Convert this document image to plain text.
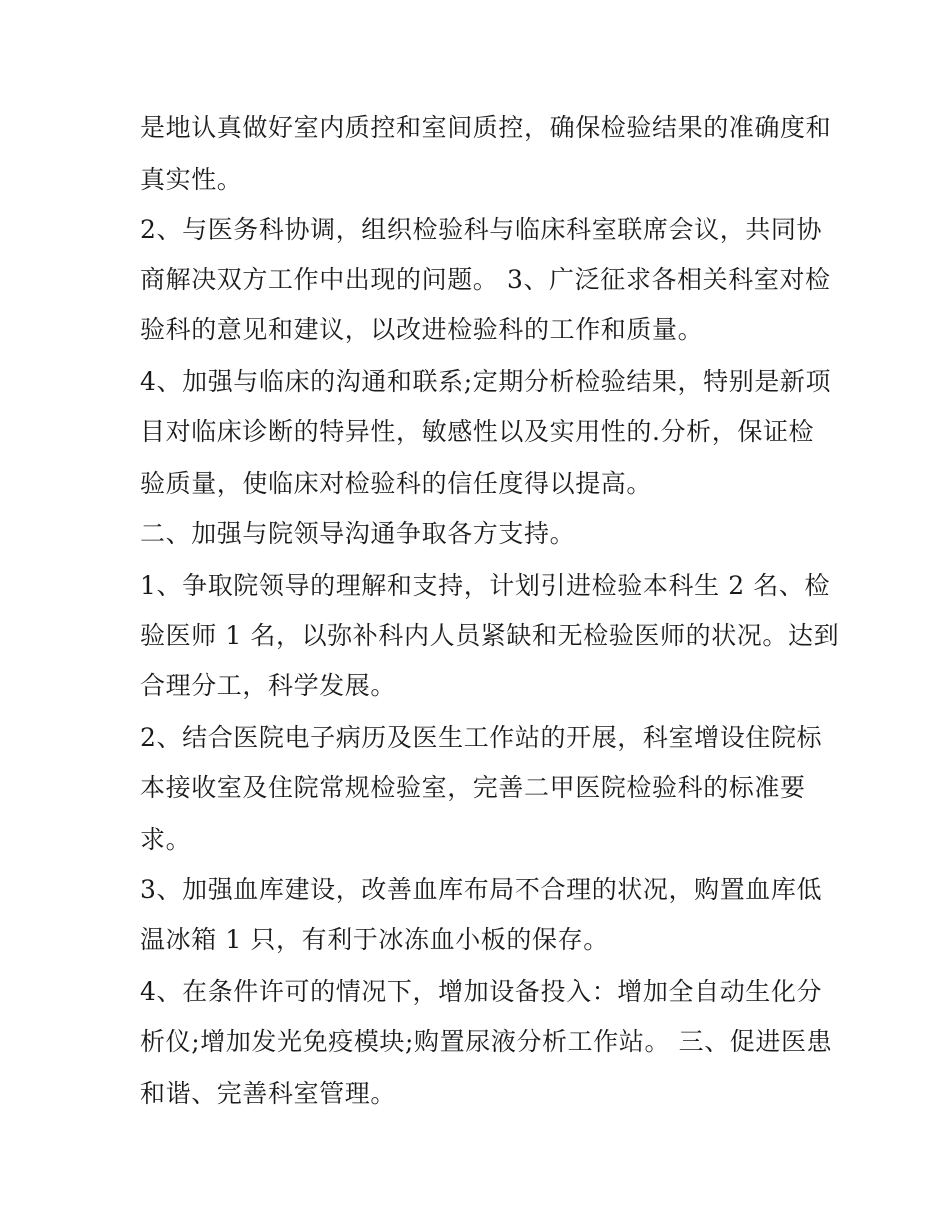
是地认真做好室内质控和室间质控，确保检验结果的准确度和
真实性。
2、与医务科协调，组织检验科与临床科室联席会议，共同协
商解决双方工作中出现的问题。 3、广泛征求各相关科室对检
验科的意见和建议，以改进检验科的工作和质量。
4、加强与临床的沟通和联系;定期分析检验结果，特别是新项
目对临床诊断的特异性，敏感性以及实用性的.分析，保证检
验质量，使临床对检验科的信任度得以提高。
二、加强与院领导沟通争取各方支持。
1、争取院领导的理解和支持，计划引进检验本科生 2 名、检
验医师 1 名，以弥补科内人员紧缺和无检验医师的状况。达到
合理分工，科学发展。
2、结合医院电子病历及医生工作站的开展，科室增设住院标
本接收室及住院常规检验室，完善二甲医院检验科的标准要
求。
3、加强血库建设，改善血库布局不合理的状况，购置血库低
温冰箱 1 只，有利于冰冻血小板的保存。
4、在条件许可的情况下，增加设备投入：增加全自动生化分
析仪;增加发光免疫模块;购置尿液分析工作站。 三、促进医患
和谐、完善科室管理。
